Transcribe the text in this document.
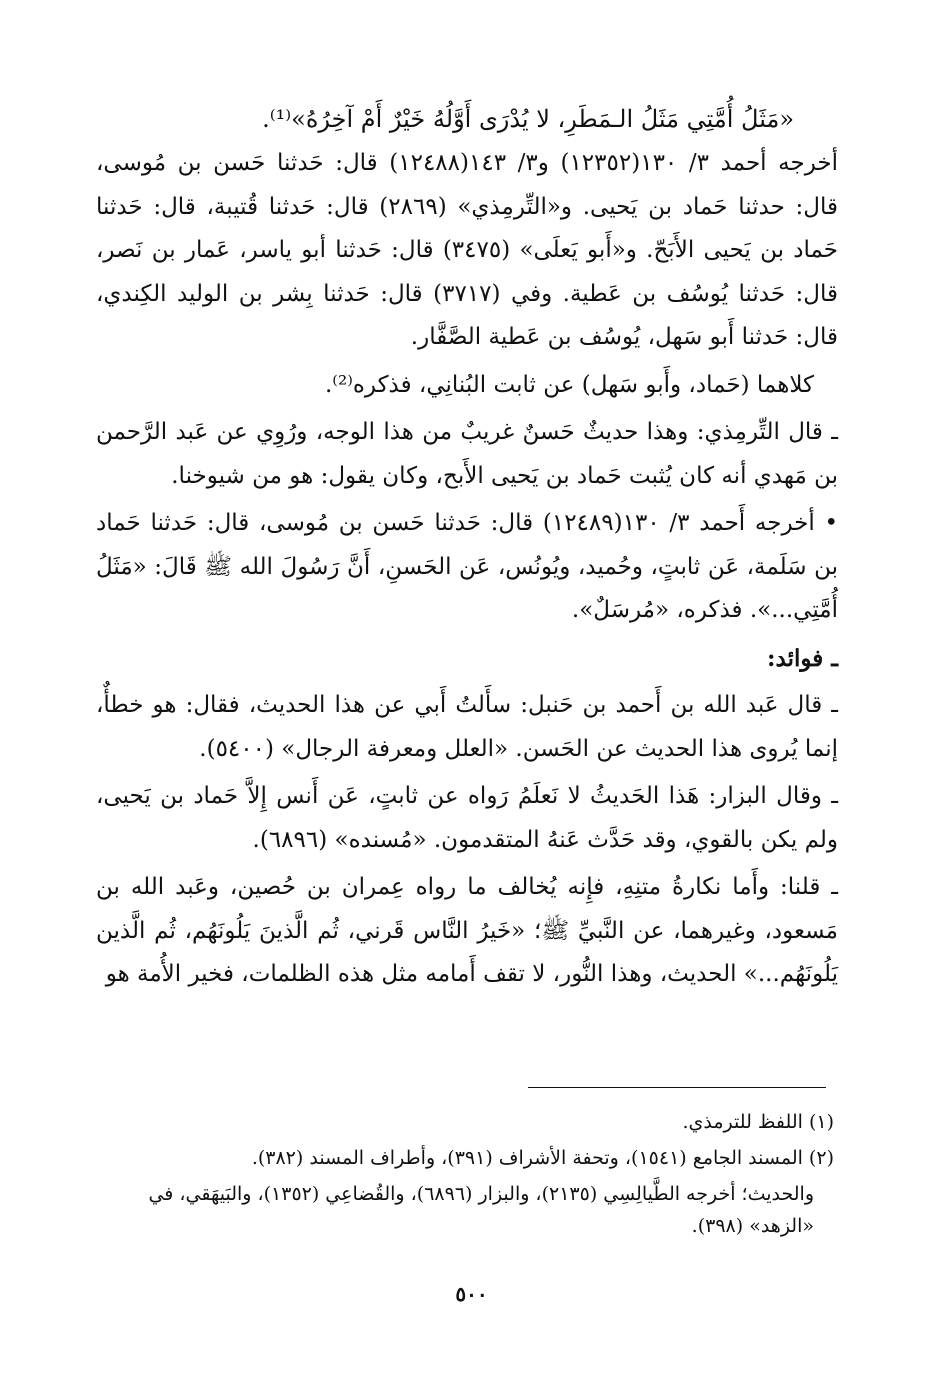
«مَثَلُ أُمَّتِي مَثَلُ الـمَطَرِ، لا يُدْرَى أَوَّلُهُ خَيْرٌ أَمْ آخِرُهُ»⁽¹⁾.

أخرجه أحمد ٣/ ١٣٠(١٢٣٥٢) و٣/ ١٤٣(١٢٤٨٨) قال: حَدثنا حَسن بن مُوسى، قال: حدثنا حَماد بن يَحيى. و«التِّرمِذي» (٢٨٦٩) قال: حَدثنا قُتيبة، قال: حَدثنا حَماد بن يَحيى الأَبَحّ. و«أَبو يَعلَى» (٣٤٧٥) قال: حَدثنا أبو ياسر، عَمار بن نَصر، قال: حَدثنا يُوسُف بن عَطية. وفي (٣٧١٧) قال: حَدثنا بِشر بن الوليد الكِندي، قال: حَدثنا أَبو سَهل، يُوسُف بن عَطية الصَّفَّار.

كلاهما (حَماد، وأَبو سَهل) عن ثابت البُنانِي، فذكره⁽²⁾.

ـ قال التِّرمِذي: وهذا حديثٌ حَسنٌ غريبٌ من هذا الوجه، ورُوِي عن عَبد الرَّحمن بن مَهدي أنه كان يُثبت حَماد بن يَحيى الأَبح، وكان يقول: هو من شيوخنا.

• أخرجه أَحمد ٣/ ١٣٠(١٢٤٨٩) قال: حَدثنا حَسن بن مُوسى، قال: حَدثنا حَماد بن سَلَمة، عَن ثابتٍ، وحُميد، ويُونُس، عَن الحَسنِ، أَنَّ رَسُولَ الله ﷺ قَالَ: «مَثَلُ أُمَّتِي...». فذكره، «مُرسَلٌ».

ـ فوائد:

ـ قال عَبد الله بن أَحمد بن حَنبل: سأَلتُ أَبي عن هذا الحديث، فقال: هو خطأٌ، إنما يُروى هذا الحديث عن الحَسن. «العلل ومعرفة الرجال» (٥٤٠٠).

ـ وقال البزار: هَذا الحَديثُ لا نَعلَمُ رَواه عن ثابتٍ، عَن أَنس إِلاَّ حَماد بن يَحيى، ولم يكن بالقوي، وقد حَدَّث عَنهُ المتقدمون. «مُسنده» (٦٨٩٦).

ـ قلنا: وأَما نكارةُ متنِهِ، فإِنه يُخالف ما رواه عِمران بن حُصين، وعَبد الله بن مَسعود، وغيرهما، عن النَّبيِّ ﷺ؛ «خَيرُ النَّاس قَرني، ثُم الَّذينَ يَلُونَهُم، ثُم الَّذين يَلُونَهُم...» الحديث، وهذا النُّور، لا تقف أَمامه مثل هذه الظلمات، فخير الأُمة هو

(١) اللفظ للترمذي.

(٢) المسند الجامع (١٥٤١)، وتحفة الأشراف (٣٩١)، وأطراف المسند (٣٨٢).

والحديث؛ أخرجه الطَّيالِسِي (٢١٣٥)، والبزار (٦٨٩٦)، والقُضاعِي (١٣٥٢)، والبَيهَقي، في «الزهد» (٣٩٨).

٥٠٠
